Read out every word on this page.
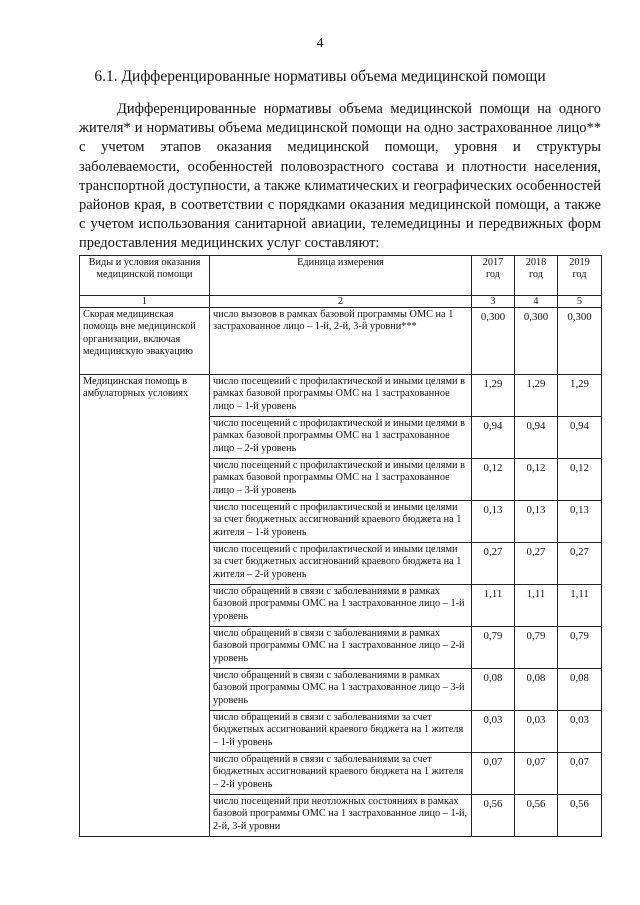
4
6.1. Дифференцированные нормативы объема медицинской помощи
Дифференцированные нормативы объема медицинской помощи на одного жителя* и нормативы объема медицинской помощи на одно застрахованное лицо** с учетом этапов оказания медицинской помощи, уровня и структуры заболеваемости, особенностей половозрастного состава и плотности населения, транспортной доступности, а также климатических и географических особенностей районов края, в соответствии с порядками оказания медицинской помощи, а также с учетом использования санитарной авиации, телемедицины и передвижных форм предоставления медицинских услуг составляют:
Виды и условия оказания медицинской помощи	Единица измерения	2017 год	2018 год	2019 год
1	2	3	4	5
Скорая медицинская помощь вне медицинской организации, включая медицинскую эвакуацию	число вызовов в рамках базовой программы ОМС на 1 застрахованное лицо – 1-й, 2-й, 3-й уровни***	0,300	0,300	0,300
Медицинская помощь в амбулаторных условиях	число посещений с профилактической и иными целями в рамках базовой программы ОМС на 1 застрахованное лицо – 1-й уровень	1,29	1,29	1,29
	число посещений с профилактической и иными целями в рамках базовой программы ОМС на 1 застрахованное лицо – 2-й уровень	0,94	0,94	0,94
	число посещений с профилактической и иными целями в рамках базовой программы ОМС на 1 застрахованное лицо – 3-й уровень	0,12	0,12	0,12
	число посещений с профилактической и иными целями за счет бюджетных ассигнований краевого бюджета на 1 жителя – 1-й уровень	0,13	0,13	0,13
	число посещений с профилактической и иными целями за счет бюджетных ассигнований краевого бюджета на 1 жителя – 2-й уровень	0,27	0,27	0,27
	число обращений в связи с заболеваниями в рамках базовой программы ОМС на 1 застрахованное лицо – 1-й уровень	1,11	1,11	1,11
	число обращений в связи с заболеваниями в рамках базовой программы ОМС на 1 застрахованное лицо – 2-й уровень	0,79	0,79	0,79
	число обращений в связи с заболеваниями в рамках базовой программы ОМС на 1 застрахованное лицо – 3-й уровень	0,08	0,08	0,08
	число обращений в связи с заболеваниями за счет бюджетных ассигнований краевого бюджета на 1 жителя – 1-й уровень	0,03	0,03	0,03
	число обращений в связи с заболеваниями за счет бюджетных ассигнований краевого бюджета на 1 жителя – 2-й уровень	0,07	0,07	0,07
	число посещений при неотложных состояниях в рамках базовой программы ОМС на 1 застрахованное лицо – 1-й, 2-й, 3-й уровни	0,56	0,56	0,56
